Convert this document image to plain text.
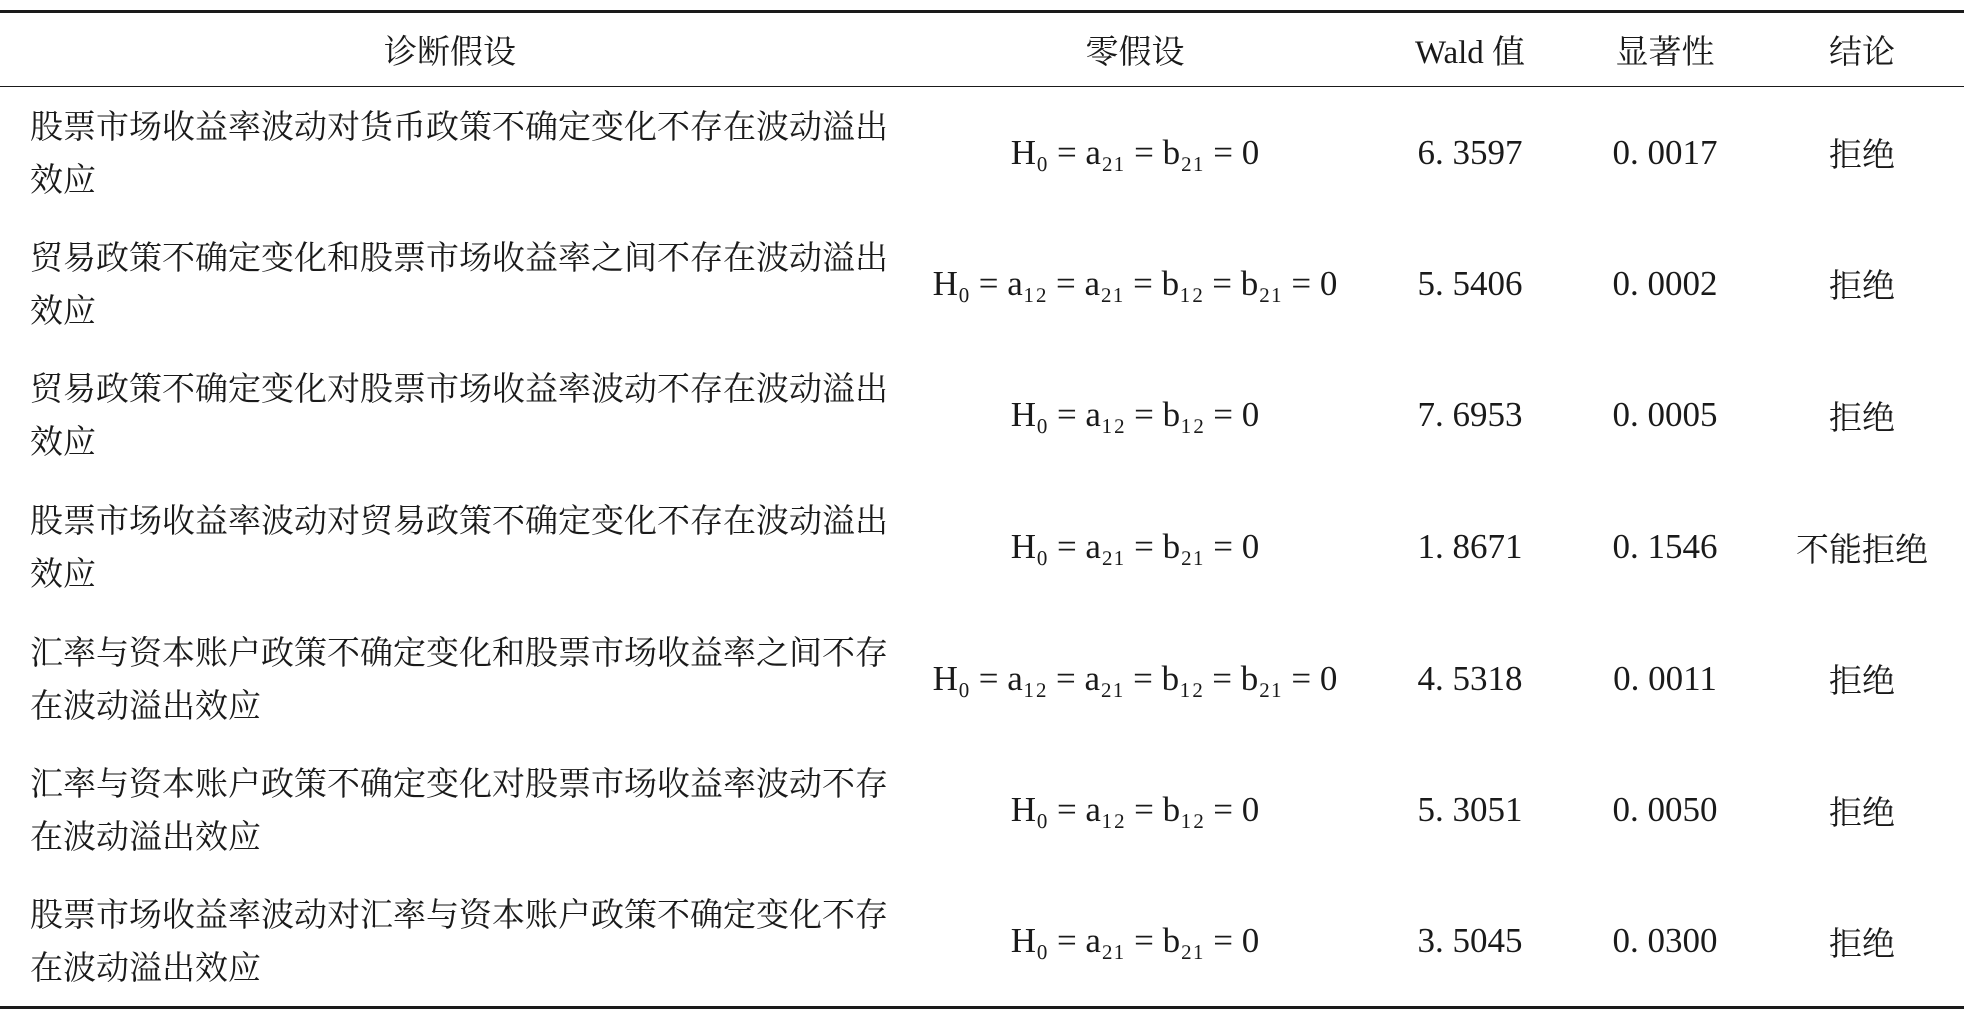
诊断假设	零假设	Wald 值	显著性	结论
股票市场收益率波动对货币政策不确定变化不存在波动溢出效应	H₀ = a₂₁ = b₂₁ = 0	6. 3597	0. 0017	拒绝
贸易政策不确定变化和股票市场收益率之间不存在波动溢出效应	H₀ = a₁₂ = a₂₁ = b₁₂ = b₂₁ = 0	5. 5406	0. 0002	拒绝
贸易政策不确定变化对股票市场收益率波动不存在波动溢出效应	H₀ = a₁₂ = b₁₂ = 0	7. 6953	0. 0005	拒绝
股票市场收益率波动对贸易政策不确定变化不存在波动溢出效应	H₀ = a₂₁ = b₂₁ = 0	1. 8671	0. 1546	不能拒绝
汇率与资本账户政策不确定变化和股票市场收益率之间不存在波动溢出效应	H₀ = a₁₂ = a₂₁ = b₁₂ = b₂₁ = 0	4. 5318	0. 0011	拒绝
汇率与资本账户政策不确定变化对股票市场收益率波动不存在波动溢出效应	H₀ = a₁₂ = b₁₂ = 0	5. 3051	0. 0050	拒绝
股票市场收益率波动对汇率与资本账户政策不确定变化不存在波动溢出效应	H₀ = a₂₁ = b₂₁ = 0	3. 5045	0. 0300	拒绝
